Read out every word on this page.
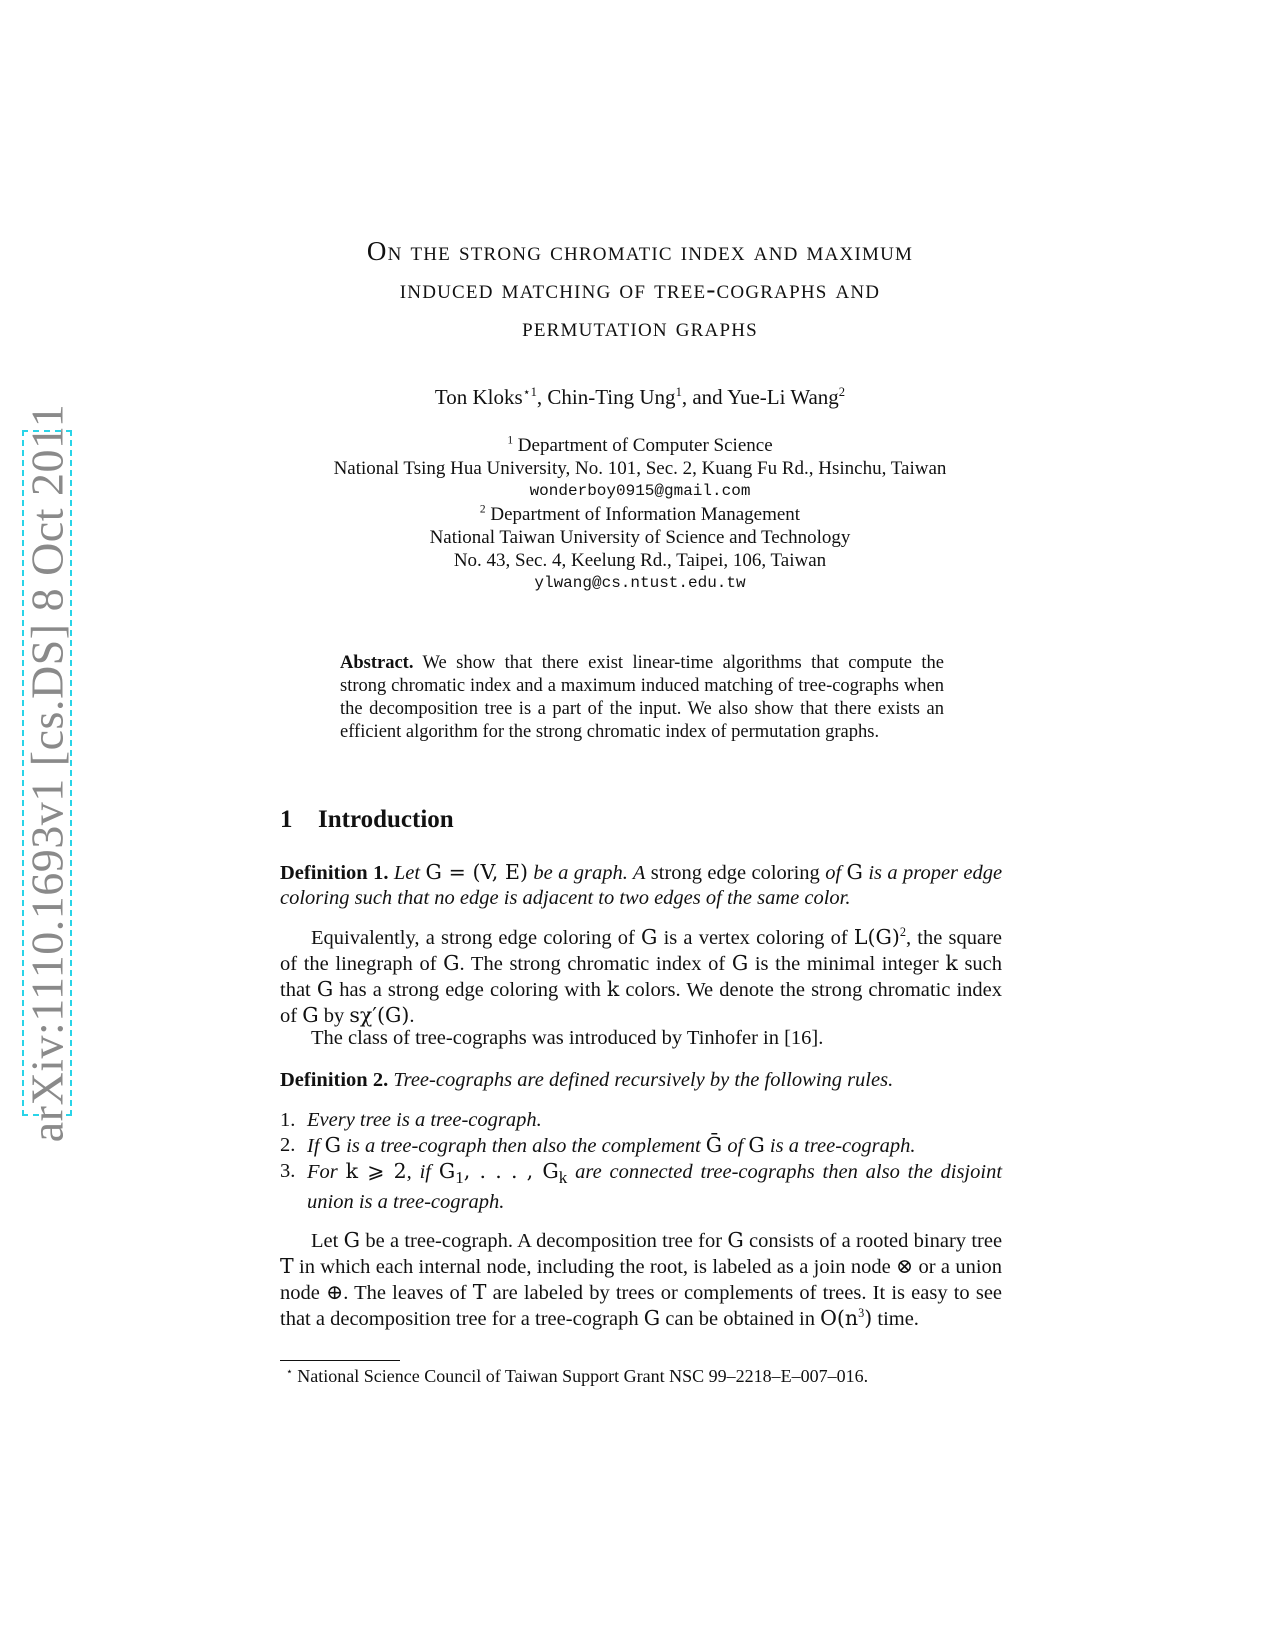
arXiv:1110.1693v1 [cs.DS] 8 Oct 2011
On the strong chromatic index and maximum
induced matching of tree-cographs and
permutation graphs
Ton Kloks$^{⋆1}$, Chin-Ting Ung$^1$, and Yue-Li Wang$^2$
$^1$ Department of Computer Science
National Tsing Hua University, No. 101, Sec. 2, Kuang Fu Rd., Hsinchu, Taiwan
wonderboy0915@gmail.com
$^2$ Department of Information Management
National Taiwan University of Science and Technology
No. 43, Sec. 4, Keelung Rd., Taipei, 106, Taiwan
ylwang@cs.ntust.edu.tw
Abstract. We show that there exist linear-time algorithms that compute the strong chromatic index and a maximum induced matching of tree-cographs when the decomposition tree is a part of the input. We also show that there exists an efficient algorithm for the strong chromatic index of permutation graphs.
1 Introduction
Definition 1. Let G = (V, E) be a graph. A strong edge coloring of G is a proper edge coloring such that no edge is adjacent to two edges of the same color.
Equivalently, a strong edge coloring of G is a vertex coloring of $L(G)^2$, the square of the linegraph of G. The strong chromatic index of G is the minimal integer k such that G has a strong edge coloring with k colors. We denote the strong chromatic index of G by sχ′(G).
The class of tree-cographs was introduced by Tinhofer in [16].
Definition 2. Tree-cographs are defined recursively by the following rules.
1. Every tree is a tree-cograph.
2. If G is a tree-cograph then also the complement Ḡ of G is a tree-cograph.
3. For k ⩾ 2, if $G_1$, . . . , $G_k$ are connected tree-cographs then also the disjoint union is a tree-cograph.
Let G be a tree-cograph. A decomposition tree for G consists of a rooted binary tree T in which each internal node, including the root, is labeled as a join node ⊗ or a union node ⊕. The leaves of T are labeled by trees or complements of trees. It is easy to see that a decomposition tree for a tree-cograph G can be obtained in $O(n^3)$ time.
⋆ National Science Council of Taiwan Support Grant NSC 99–2218–E–007–016.
